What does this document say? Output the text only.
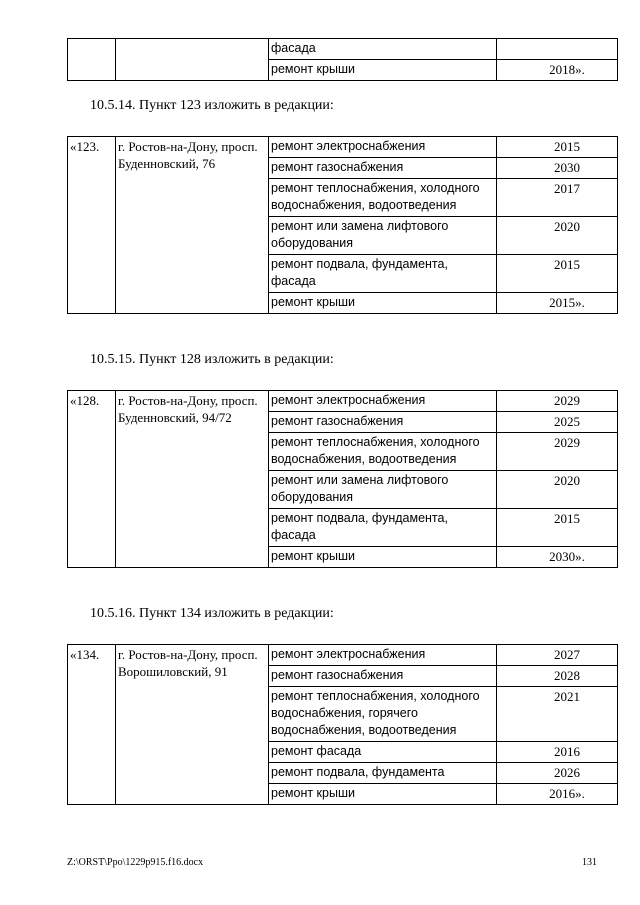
		фасада	
		ремонт крыши	2018».

10.5.14. Пункт 123 изложить в редакции:

«123.	г. Ростов-на-Дону, просп. Буденновский, 76	ремонт электроснабжения	2015
		ремонт газоснабжения	2030
		ремонт теплоснабжения, холодного водоснабжения, водоотведения	2017
		ремонт или замена лифтового оборудования	2020
		ремонт подвала, фундамента, фасада	2015
		ремонт крыши	2015».

10.5.15. Пункт 128 изложить в редакции:

«128.	г. Ростов-на-Дону, просп. Буденновский, 94/72	ремонт электроснабжения	2029
		ремонт газоснабжения	2025
		ремонт теплоснабжения, холодного водоснабжения, водоотведения	2029
		ремонт или замена лифтового оборудования	2020
		ремонт подвала, фундамента, фасада	2015
		ремонт крыши	2030».

10.5.16. Пункт 134 изложить в редакции:

«134.	г. Ростов-на-Дону, просп. Ворошиловский, 91	ремонт электроснабжения	2027
		ремонт газоснабжения	2028
		ремонт теплоснабжения, холодного водоснабжения, горячего водоснабжения, водоотведения	2021
		ремонт фасада	2016
		ремонт подвала, фундамента	2026
		ремонт крыши	2016».
Z:\ORST\Ppo\1229p915.f16.docx	131
